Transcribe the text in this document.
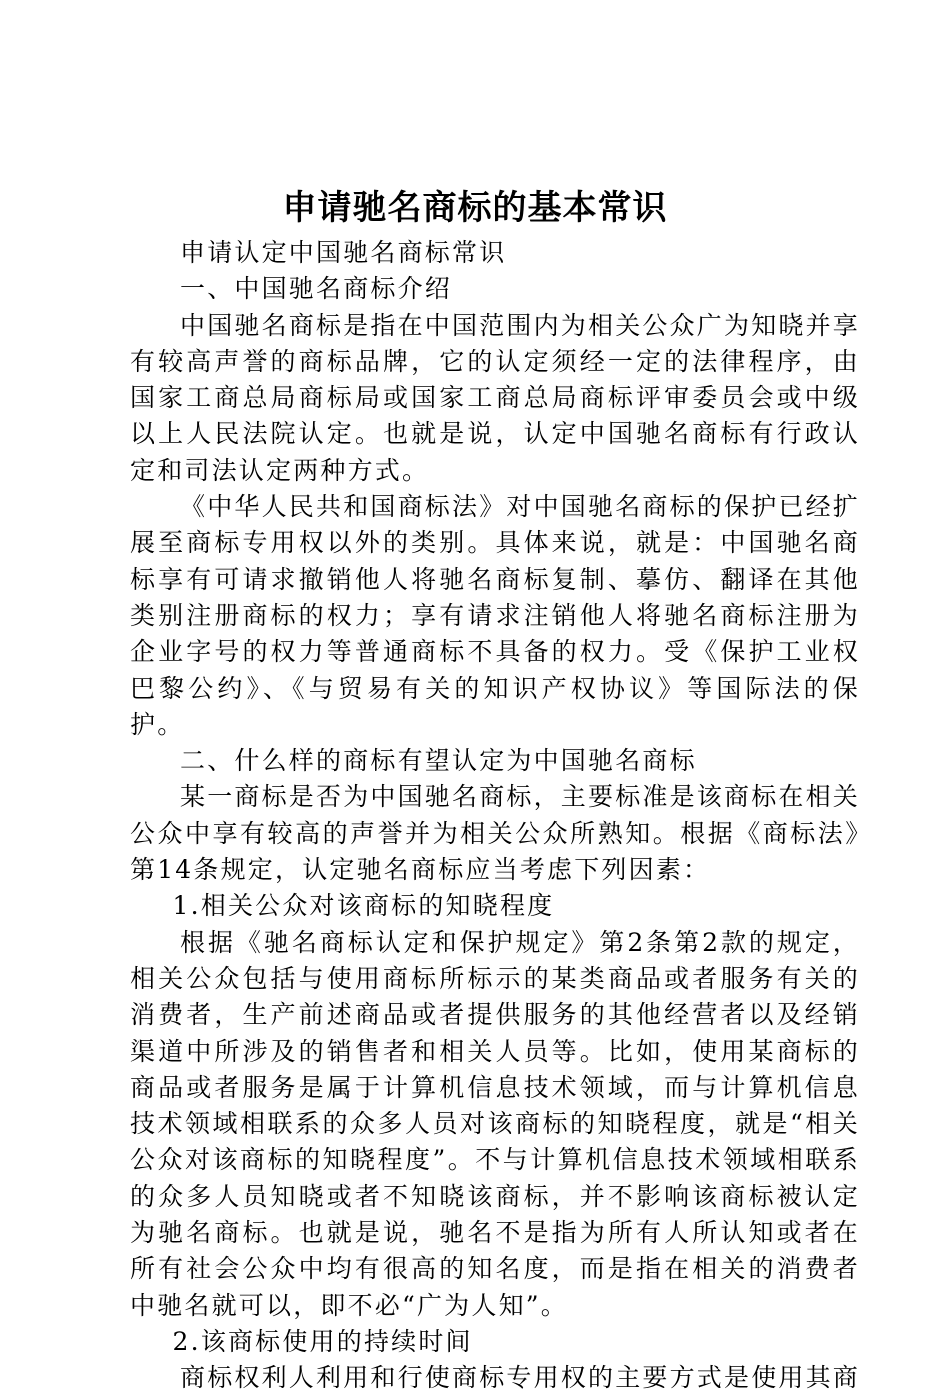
申请驰名商标的基本常识

申请认定中国驰名商标常识

一、中国驰名商标介绍

中国驰名商标是指在中国范围内为相关公众广为知晓并享有较高声誉的商标品牌，它的认定须经一定的法律程序，由国家工商总局商标局或国家工商总局商标评审委员会或中级以上人民法院认定。也就是说，认定中国驰名商标有行政认定和司法认定两种方式。

《中华人民共和国商标法》对中国驰名商标的保护已经扩展至商标专用权以外的类别。具体来说，就是：中国驰名商标享有可请求撤销他人将驰名商标复制、摹仿、翻译在其他类别注册商标的权力；享有请求注销他人将驰名商标注册为企业字号的权力等普通商标不具备的权力。受《保护工业权巴黎公约》、《与贸易有关的知识产权协议》等国际法的保护。

二、什么样的商标有望认定为中国驰名商标

某一商标是否为中国驰名商标，主要标准是该商标在相关公众中享有较高的声誉并为相关公众所熟知。根据《商标法》第14条规定，认定驰名商标应当考虑下列因素：

1.相关公众对该商标的知晓程度

根据《驰名商标认定和保护规定》第2条第2款的规定，相关公众包括与使用商标所标示的某类商品或者服务有关的消费者，生产前述商品或者提供服务的其他经营者以及经销渠道中所涉及的销售者和相关人员等。比如，使用某商标的商品或者服务是属于计算机信息技术领域，而与计算机信息技术领域相联系的众多人员对该商标的知晓程度，就是“相关公众对该商标的知晓程度”。不与计算机信息技术领域相联系的众多人员知晓或者不知晓该商标，并不影响该商标被认定为驰名商标。也就是说，驰名不是指为所有人所认知或者在所有社会公众中均有很高的知名度，而是指在相关的消费者中驰名就可以，即不必“广为人知”。

2.该商标使用的持续时间

商标权利人利用和行使商标专用权的主要方式是使用其商
